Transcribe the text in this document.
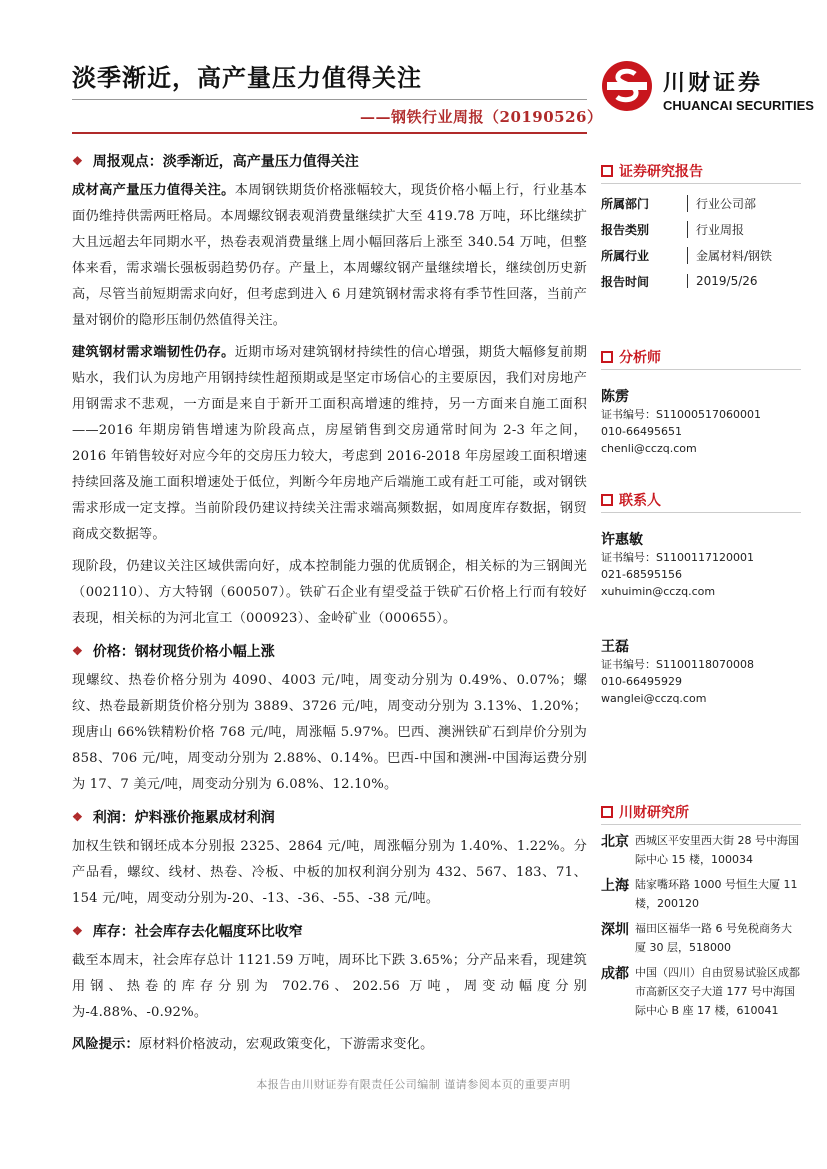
淡季渐近，高产量压力值得关注
——钢铁行业周报（20190526）
川财证券
CHUANCAI SECURITIES
❖ 周报观点：淡季渐近，高产量压力值得关注

成材高产量压力值得关注。本周钢铁期货价格涨幅较大，现货价格小幅上行，行业基本面仍维持供需两旺格局。本周螺纹钢表观消费量继续扩大至 419.78 万吨，环比继续扩大且远超去年同期水平，热卷表观消费量继上周小幅回落后上涨至 340.54 万吨，但整体来看，需求端长强板弱趋势仍存。产量上，本周螺纹钢产量继续增长，继续创历史新高，尽管当前短期需求向好，但考虑到进入 6 月建筑钢材需求将有季节性回落，当前产量对钢价的隐形压制仍然值得关注。

建筑钢材需求端韧性仍存。近期市场对建筑钢材持续性的信心增强，期货大幅修复前期贴水，我们认为房地产用钢持续性超预期或是坚定市场信心的主要原因，我们对房地产用钢需求不悲观，一方面是来自于新开工面积高增速的维持，另一方面来自施工面积——2016 年期房销售增速为阶段高点，房屋销售到交房通常时间为 2-3 年之间，2016 年销售较好对应今年的交房压力较大，考虑到 2016-2018 年房屋竣工面积增速持续回落及施工面积增速处于低位，判断今年房地产后端施工或有赶工可能，或对钢铁需求形成一定支撑。当前阶段仍建议持续关注需求端高频数据，如周度库存数据，钢贸商成交数据等。

现阶段，仍建议关注区域供需向好，成本控制能力强的优质钢企，相关标的为三钢闽光（002110）、方大特钢（600507）。铁矿石企业有望受益于铁矿石价格上行而有较好表现，相关标的为河北宣工（000923）、金岭矿业（000655）。

❖ 价格：钢材现货价格小幅上涨

现螺纹、热卷价格分别为 4090、4003 元/吨，周变动分别为 0.49%、0.07%；螺纹、热卷最新期货价格分别为 3889、3726 元/吨，周变动分别为 3.13%、1.20%；现唐山 66%铁精粉价格 768 元/吨，周涨幅 5.97%。巴西、澳洲铁矿石到岸价分别为 858、706 元/吨，周变动分别为 2.88%、0.14%。巴西-中国和澳洲-中国海运费分别为 17、7 美元/吨，周变动分别为 6.08%、12.10%。

❖ 利润：炉料涨价拖累成材利润

加权生铁和钢坯成本分别报 2325、2864 元/吨，周涨幅分别为 1.40%、1.22%。分产品看，螺纹、线材、热卷、冷板、中板的加权利润分别为 432、567、183、71、154 元/吨，周变动分别为-20、-13、-36、-55、-38 元/吨。

❖ 库存：社会库存去化幅度环比收窄

截至本周末，社会库存总计 1121.59 万吨，周环比下跌 3.65%；分产品来看，现建筑用钢、热卷的库存分别为 702.76、202.56 万吨，周变动幅度分别为-4.88%、-0.92%。

风险提示：原材料价格波动，宏观政策变化，下游需求变化。

证券研究报告
所属部门	行业公司部
报告类别	行业周报
所属行业	金属材料/钢铁
报告时间	2019/5/26
分析师
陈雳
证书编号：S1100051706000​1
010-66495651
chenli@cczq.com
联系人
许惠敏
证书编号：S1100117120001
021-68595156
xuhuimin@cczq.com
王磊
证书编号：S1100118070008
010-66495929
wanglei@cczq.com
川财研究所
北京 西城区平安里西大街 28 号中海国际中心 15 楼，100034
上海 陆家嘴环路 1000 号恒生大厦 11 楼，200120
深圳 福田区福华一路 6 号免税商务大厦 30 层，518000
成都 中国（四川）自由贸易试验区成都市高新区交子大道 177 号中海国际中心 B 座 17 楼，610041
本报告由川财证券有限责任公司编制 谨请参阅本页的重要声明
